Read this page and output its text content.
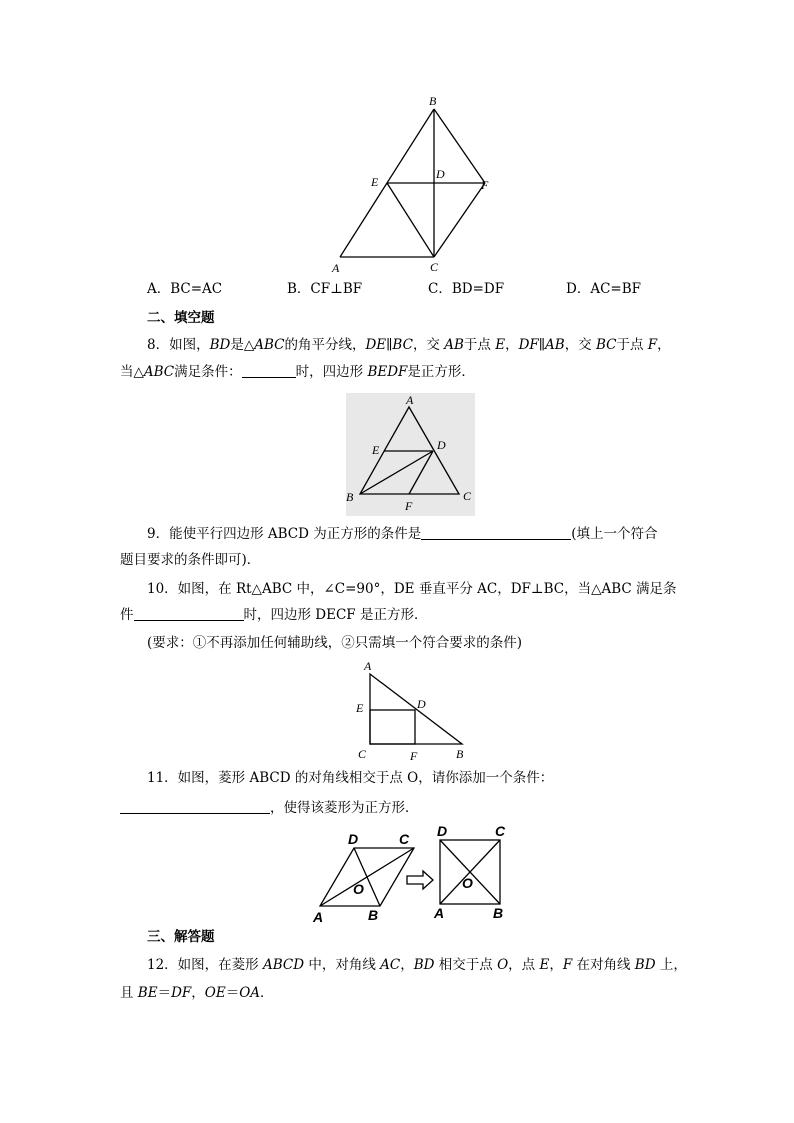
B
E
D
F
A	C
A．BC=AC	B．CF⊥BF	C．BD=DF	D．AC=BF
二、填空题
8．如图，BD是△ABC的角平分线，DE∥BC，交 AB于点 E，DF∥AB，交 BC于点 F，
当△ABC满足条件：	时，四边形 BEDF是正方形．
A
E	D
B
F
C
9．能使平行四边形 ABCD 为正方形的条件是	(填上一个符合
题目要求的条件即可)．
10．如图，在 Rt△ABC 中，∠C=90°，DE 垂直平分 AC，DF⊥BC，当△ABC 满足条
件	时，四边形 DECF 是正方形．
(要求：①不再添加任何辅助线，②只需填一个符合要求的条件)
A
E	D
C	F	B
11．如图，菱形 ABCD 的对角线相交于点 O，请你添加一个条件：
，使得该菱形为正方形．
D	C
O
A	B
D	C
O
A	B
三、解答题
12．如图，在菱形 ABCD 中，对角线 AC，BD 相交于点 O，点 E，F 在对角线 BD 上，
且 BE＝DF，OE＝OA．
